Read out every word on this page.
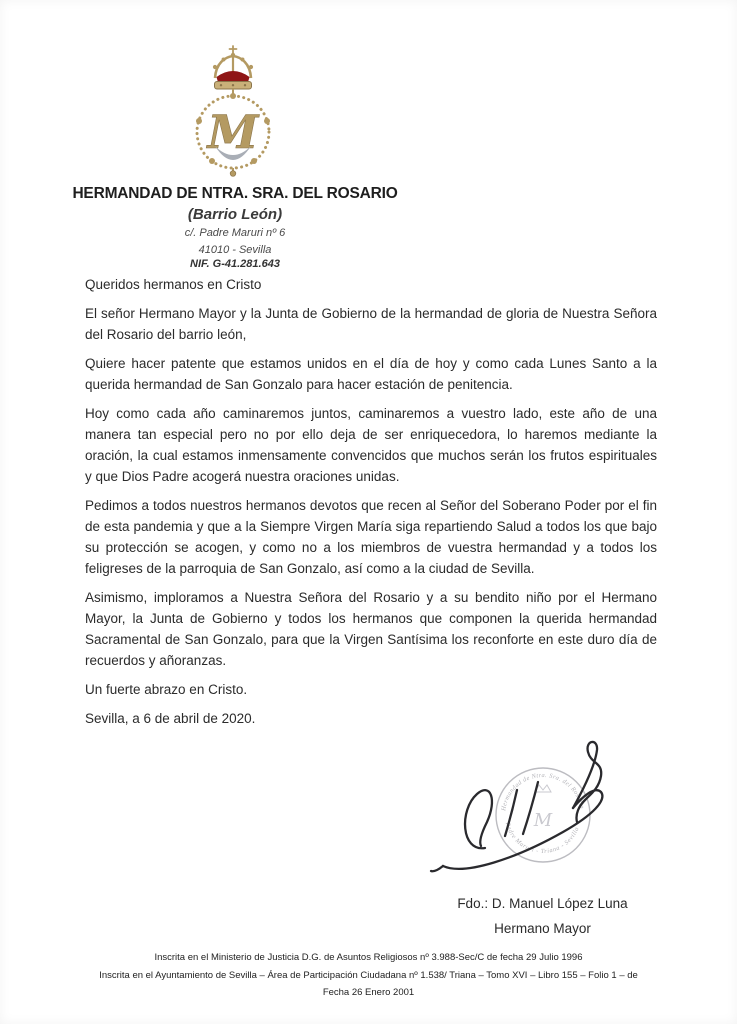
M
HERMANDAD DE NTRA. SRA. DEL ROSARIO
(Barrio León)
c/. Padre Maruri nº 6
41010 - Sevilla
NIF. G-41.281.643

Queridos hermanos en Cristo

El señor Hermano Mayor y la Junta de Gobierno de la hermandad de gloria de Nuestra Señora del Rosario del barrio león,

Quiere hacer patente que estamos unidos en el día de hoy y como cada Lunes Santo a la querida hermandad de San Gonzalo para hacer estación de penitencia.

Hoy como cada año caminaremos juntos, caminaremos a vuestro lado, este año de una manera tan especial pero no por ello deja de ser enriquecedora, lo haremos mediante la oración, la cual estamos inmensamente convencidos que muchos serán los frutos espirituales y que Dios Padre acogerá nuestra oraciones unidas.

Pedimos a todos nuestros hermanos devotos que recen al Señor del Soberano Poder por el fin de esta pandemia y que a la Siempre Virgen María siga repartiendo Salud a todos los que bajo su protección se acogen, y como no a los miembros de vuestra hermandad y a todos los feligreses de la parroquia de San Gonzalo, así como a la ciudad de Sevilla.

Asimismo, imploramos a Nuestra Señora del Rosario y a su bendito niño por el Hermano Mayor, la Junta de Gobierno y todos los hermanos que componen la querida hermandad Sacramental de San Gonzalo, para que la Virgen Santísima los reconforte en este duro día de recuerdos y añoranzas.

Un fuerte abrazo en Cristo.

Sevilla, a 6 de abril de 2020.

Hermandad de Ntra. Sra. del Rosario
Padre Maruri - Triana - Sevilla
M
Fdo.: D. Manuel López Luna
Hermano Mayor
Inscrita en el Ministerio de Justicia D.G. de Asuntos Religiosos nº 3.988-Sec/C de fecha 29 Julio 1996
Inscrita en el Ayuntamiento de Sevilla – Área de Participación Ciudadana nº 1.538/ Triana – Tomo XVI – Libro 155 – Folio 1 – de
Fecha 26 Enero 2001
